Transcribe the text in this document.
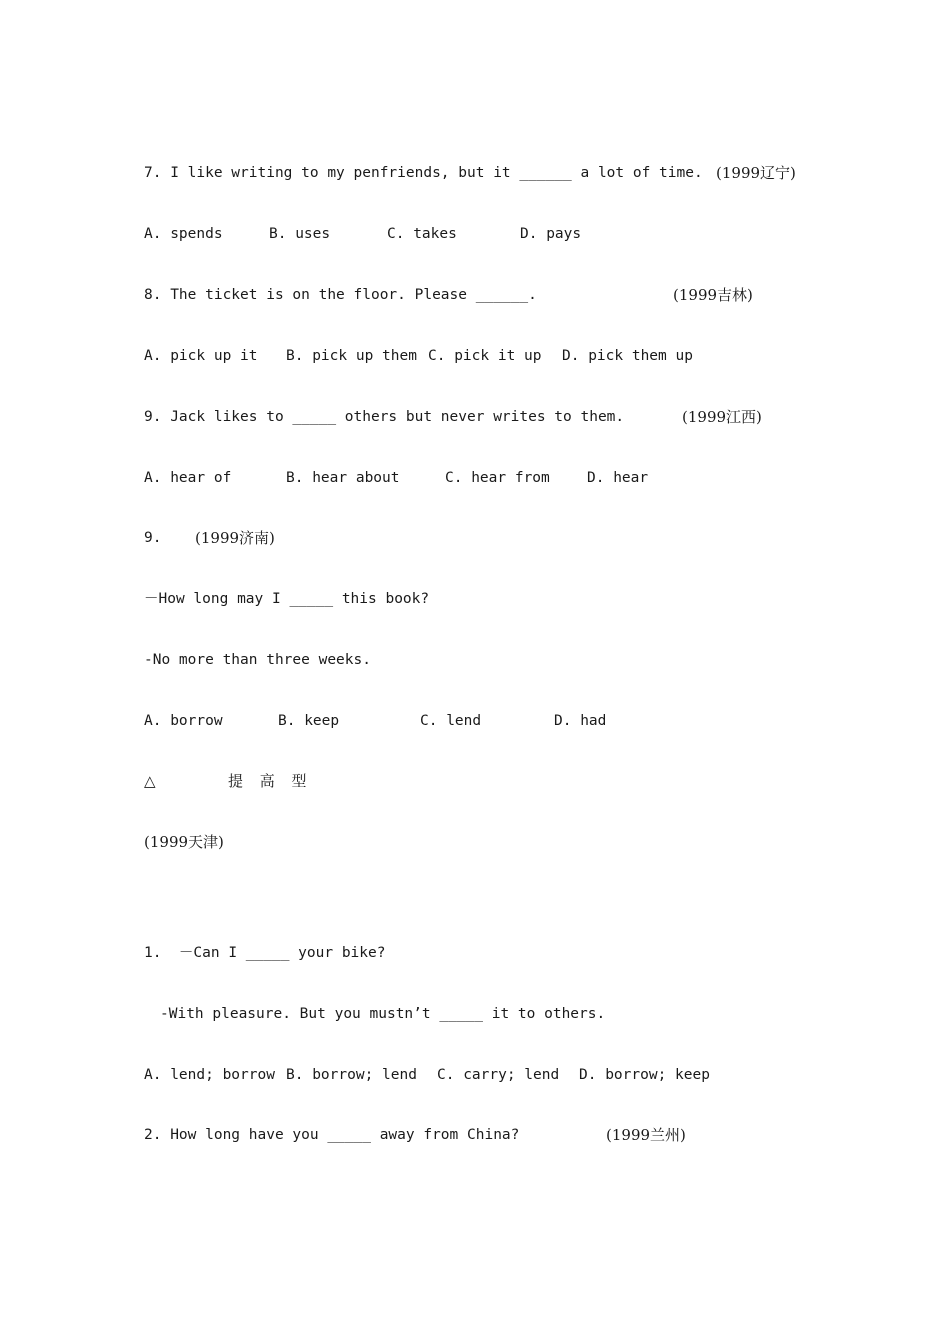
7. I like writing to my penfriends, but it ______ a lot of time. (1999辽宁)
A. spends	B. uses	C. takes	D. pays
8. The ticket is on the floor. Please ______.	(1999吉林)
A. pick up it B. pick up them C. pick it up D. pick them up
9. Jack likes to _____ others but never writes to them.	(1999江西)
A. hear of	B. hear about	C. hear from	D. hear
9. (1999济南)
－How long may I _____ this book?
-No more than three weeks.
A. borrow	B. keep	C. lend	D. had
△	提 高 型
(1999天津)
1.  －Can I _____ your bike?
-With pleasure. But you mustn’t _____ it to others.
A. lend; borrow B. borrow; lend C. carry; lend D. borrow; keep
2. How long have you _____ away from China?	(1999兰州)
